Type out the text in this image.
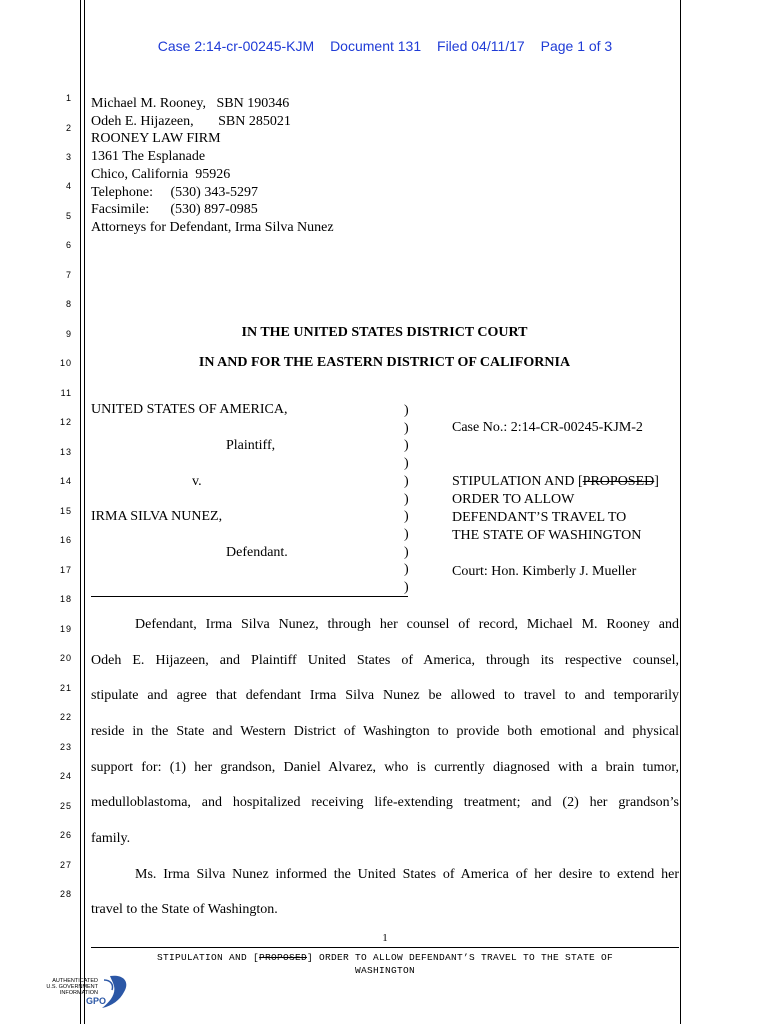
Case 2:14-cr-00245-KJM Document 131 Filed 04/11/17 Page 1 of 3
1
2
3
4
5
6
7
8
9
10
11
12
13
14
15
16
17
18
19
20
21
22
23
24
25
26
27
28
Michael M. Rooney,   SBN 190346
Odeh E. Hijazeen,       SBN 285021
ROONEY LAW FIRM
1361 The Esplanade
Chico, California  95926
Telephone:     (530) 343-5297
Facsimile:      (530) 897-0985
Attorneys for Defendant, Irma Silva Nunez
IN THE UNITED STATES DISTRICT COURT
IN AND FOR THE EASTERN DISTRICT OF CALIFORNIA
UNITED STATES OF AMERICA,
Plaintiff,
v.
IRMA SILVA NUNEZ,
Defendant.
)
)
)
)
)
)
)
)
)
)
)
Case No.: 2:14-CR-00245-KJM-2
STIPULATION AND [PROPOSED]
ORDER TO ALLOW
DEFENDANT’S TRAVEL TO
THE STATE OF WASHINGTON
Court: Hon. Kimberly J. Mueller
Defendant, Irma Silva Nunez, through her counsel of record, Michael M. Rooney and
Odeh E. Hijazeen, and Plaintiff United States of America, through its respective counsel,
stipulate and agree that defendant Irma Silva Nunez be allowed to travel to and temporarily
reside in the State and Western District of Washington to provide both emotional and physical
support for: (1) her grandson, Daniel Alvarez, who is currently diagnosed with a brain tumor,
medulloblastoma, and hospitalized receiving life-extending treatment; and (2) her grandson’s
family.
Ms. Irma Silva Nunez informed the United States of America of her desire to extend her
travel to the State of Washington.
1
STIPULATION AND [PROPOSED] ORDER TO ALLOW DEFENDANT’S TRAVEL TO THE STATE OF
WASHINGTON
AUTHENTICATED
U.S. GOVERNMENT
INFORMATION
GPO
